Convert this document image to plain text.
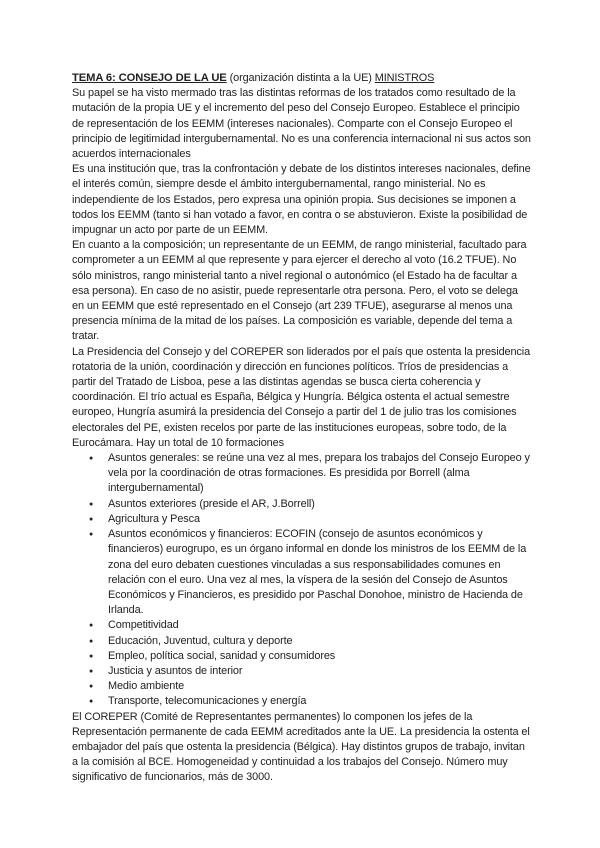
TEMA 6: CONSEJO DE LA UE (organización distinta a la UE) MINISTROS

Su papel se ha visto mermado tras las distintas reformas de los tratados como resultado de la mutación de la propia UE y el incremento del peso del Consejo Europeo. Establece el principio de representación de los EEMM (intereses nacionales). Comparte con el Consejo Europeo el principio de legitimidad intergubernamental. No es una conferencia internacional ni sus actos son acuerdos internacionales

Es una institución que, tras la confrontación y debate de los distintos intereses nacionales, define el interés común, siempre desde el ámbito intergubernamental, rango ministerial. No es independiente de los Estados, pero expresa una opinión propia. Sus decisiones se imponen a todos los EEMM (tanto si han votado a favor, en contra o se abstuvieron. Existe la posibilidad de impugnar un acto por parte de un EEMM.

En cuanto a la composición; un representante de un EEMM, de rango ministerial, facultado para comprometer a un EEMM al que represente y para ejercer el derecho al voto (16.2 TFUE). No sólo ministros, rango ministerial tanto a nivel regional o autonómico (el Estado ha de facultar a esa persona). En caso de no asistir, puede representarle otra persona. Pero, el voto se delega en un EEMM que esté representado en el Consejo (art 239 TFUE), asegurarse al menos una presencia mínima de la mitad de los países. La composición es variable, depende del tema a tratar.

La Presidencia del Consejo y del COREPER son liderados por el país que ostenta la presidencia rotatoria de la unión, coordinación y dirección en funciones políticos. Tríos de presidencias a partir del Tratado de Lisboa, pese a las distintas agendas se busca cierta coherencia y coordinación. El trío actual es España, Bélgica y Hungría. Bélgica ostenta el actual semestre europeo, Hungría asumirá la presidencia del Consejo a partir del 1 de julio tras los comisiones electorales del PE, existen recelos por parte de las instituciones europeas, sobre todo, de la Eurocámara. Hay un total de 10 formaciones

● Asuntos generales: se reúne una vez al mes, prepara los trabajos del Consejo Europeo y vela por la coordinación de otras formaciones. Es presidida por Borrell (alma intergubernamental)
● Asuntos exteriores (preside el AR, J.Borrell)
● Agricultura y Pesca
● Asuntos económicos y financieros: ECOFIN (consejo de asuntos económicos y financieros) eurogrupo, es un órgano informal en donde los ministros de los EEMM de la zona del euro debaten cuestiones vinculadas a sus responsabilidades comunes en relación con el euro. Una vez al mes, la víspera de la sesión del Consejo de Asuntos Económicos y Financieros, es presidido por Paschal Donohoe, ministro de Hacienda de Irlanda.
● Competitividad
● Educación, Juventud, cultura y deporte
● Empleo, política social, sanidad y consumidores
● Justicia y asuntos de interior
● Medio ambiente
● Transporte, telecomunicaciones y energía

El COREPER (Comité de Representantes permanentes) lo componen los jefes de la Representación permanente de cada EEMM acreditados ante la UE. La presidencia la ostenta el embajador del país que ostenta la presidencia (Bélgica). Hay distintos grupos de trabajo, invitan a la comisión al BCE. Homogeneidad y continuidad a los trabajos del Consejo. Número muy significativo de funcionarios, más de 3000.
